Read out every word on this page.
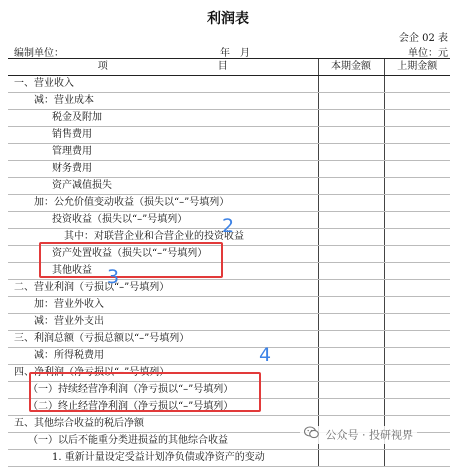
利润表
会企 02 表
编制单位：	____年__月	单位：元
项　　目	本期金额	上期金额
一、营业收入		
减：营业成本		
税金及附加		
销售费用		
管理费用		
财务费用		
资产减值损失		
加：公允价值变动收益（损失以“–”号填列）		
投资收益（损失以“–”号填列）		
其中：对联营企业和合营企业的投资收益		
资产处置收益（损失以“–”号填列）		
其他收益		
二、营业利润（亏损以“–”号填列）		
加：营业外收入		
减：营业外支出		
三、利润总额（亏损总额以“–”号填列）		
减：所得税费用		
四、净利润（净亏损以“–”号填列）		
（一）持续经营净利润（净亏损以“–”号填列）		
（二）终止经营净利润（净亏损以“–”号填列）		
五、其他综合收益的税后净额		
（一）以后不能重分类进损益的其他综合收益		
1. 重新计量设定受益计划净负债或净资产的变动		
2
3
4
公众号 · 投研视界
